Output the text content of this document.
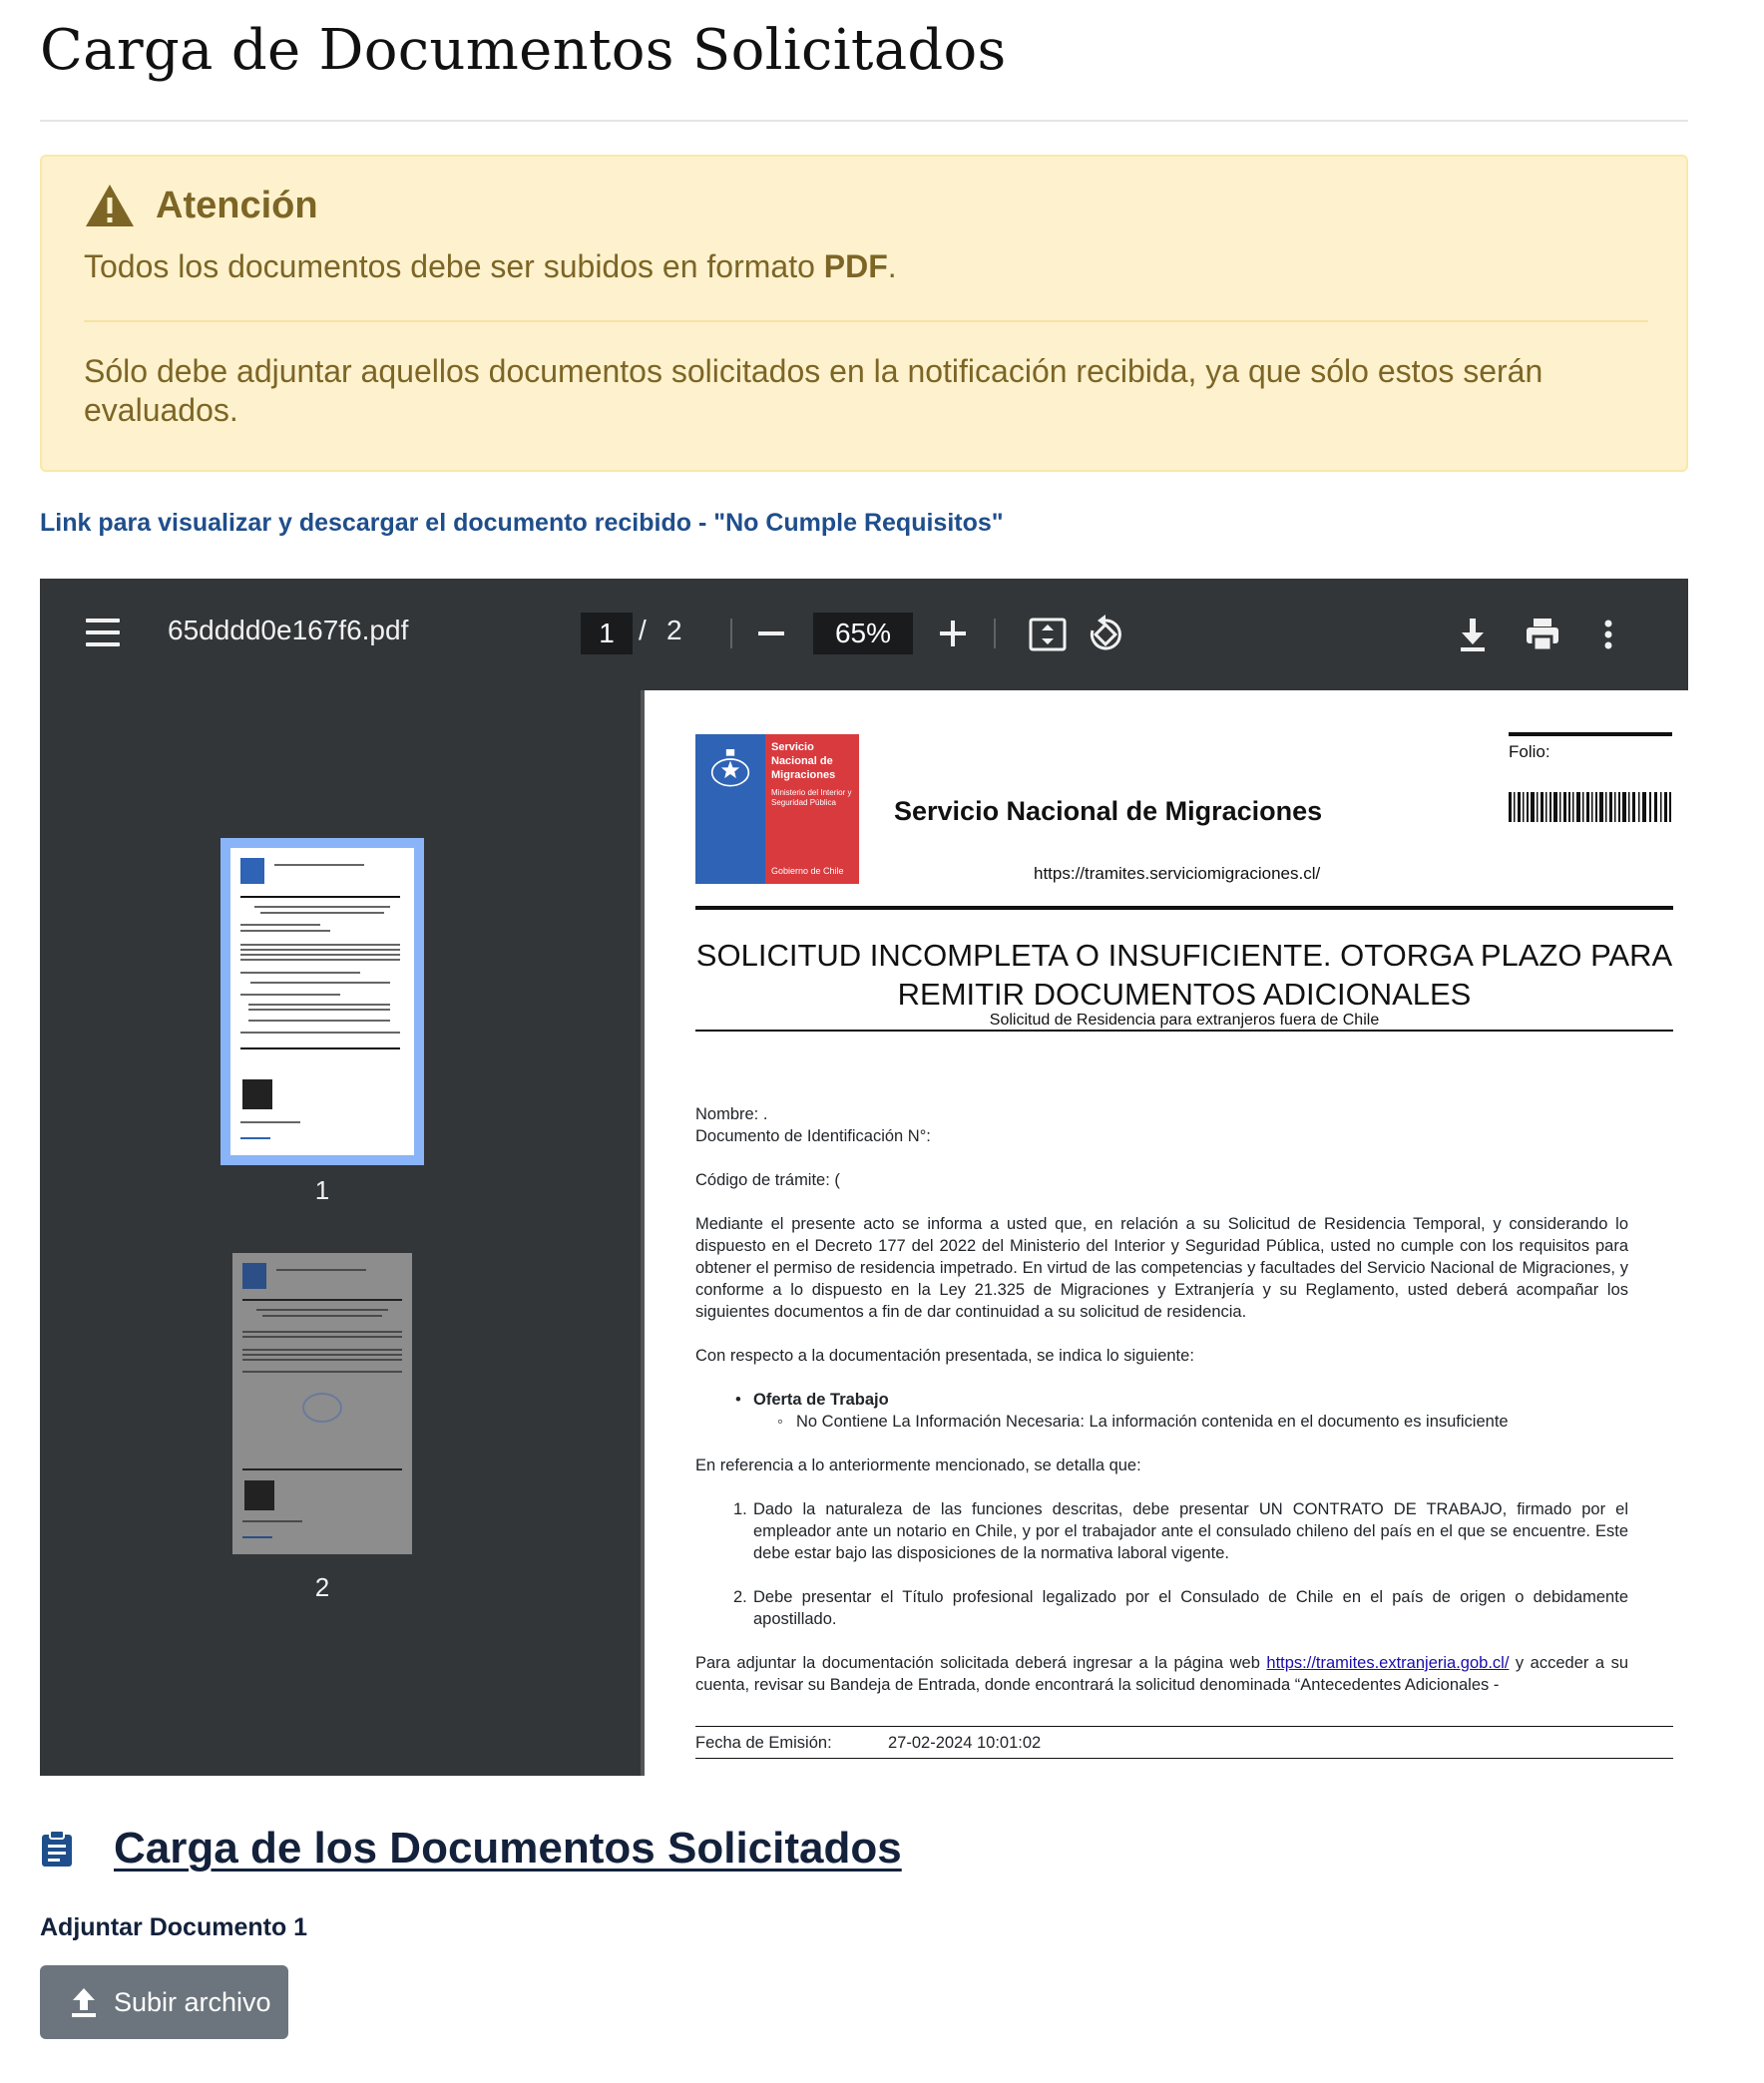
Carga de Documentos Solicitados
Atención
Todos los documentos debe ser subidos en formato PDF.
Sólo debe adjuntar aquellos documentos solicitados en la notificación recibida, ya que sólo estos serán evaluados.
Link para visualizar y descargar el documento recibido - "No Cumple Requisitos"
65dddd0e167f6.pdf	1 / 2	65%
1
2
Servicio
Nacional de
Migraciones
Ministerio del Interior y Seguridad Pública
Gobierno de Chile
Servicio Nacional de Migraciones
Folio:
https://tramites.serviciomigraciones.cl/
SOLICITUD INCOMPLETA O INSUFICIENTE. OTORGA PLAZO PARA REMITIR DOCUMENTOS ADICIONALES
Solicitud de Residencia para extranjeros fuera de Chile
Nombre: .
Documento de Identificación N°:
Código de trámite: (
Mediante el presente acto se informa a usted que, en relación a su Solicitud de Residencia Temporal, y considerando lo dispuesto en el Decreto 177 del 2022 del Ministerio del Interior y Seguridad Pública, usted no cumple con los requisitos para obtener el permiso de residencia impetrado. En virtud de las competencias y facultades del Servicio Nacional de Migraciones, y conforme a lo dispuesto en la Ley 21.325 de Migraciones y Extranjería y su Reglamento, usted deberá acompañar los siguientes documentos a fin de dar continuidad a su solicitud de residencia.
Con respecto a la documentación presentada, se indica lo siguiente:
• Oferta de Trabajo
◦ No Contiene La Información Necesaria: La información contenida en el documento es insuficiente
En referencia a lo anteriormente mencionado, se detalla que:
1. Dado la naturaleza de las funciones descritas, debe presentar UN CONTRATO DE TRABAJO, firmado por el empleador ante un notario en Chile, y por el trabajador ante el consulado chileno del país en el que se encuentre. Este debe estar bajo las disposiciones de la normativa laboral vigente.
2. Debe presentar el Título profesional legalizado por el Consulado de Chile en el país de origen o debidamente apostillado.
Para adjuntar la documentación solicitada deberá ingresar a la página web https://tramites.extranjeria.gob.cl/ y acceder a su cuenta, revisar su Bandeja de Entrada, donde encontrará la solicitud denominada “Antecedentes Adicionales -
Fecha de Emisión:	27-02-2024 10:01:02
Carga de los Documentos Solicitados
Adjuntar Documento 1
Subir archivo
